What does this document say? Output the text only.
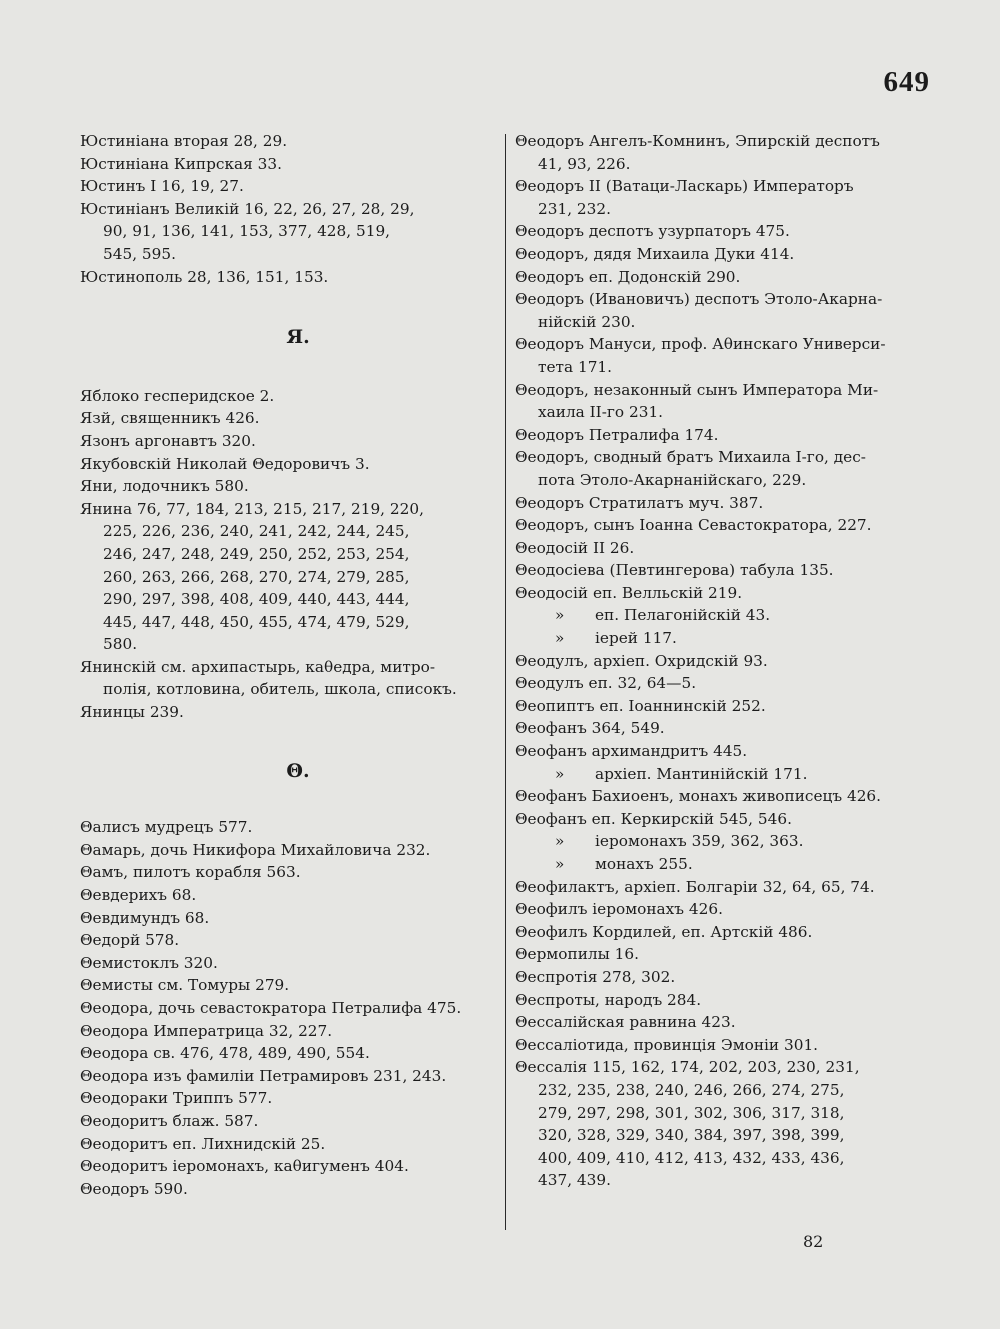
649
Юстиніана вторая 28, 29.
Юстиніана Кипрская 33.
Юстинъ I 16, 19, 27.
Юстиніанъ Великій 16, 22, 26, 27, 28, 29,
90, 91, 136, 141, 153, 377, 428, 519,
545, 595.
Юстинополь 28, 136, 151, 153.
Я.
Яблоко гесперидское 2.
Язй, священникъ 426.
Язонъ аргонавтъ 320.
Якубовскій Николай Θедоровичъ 3.
Яни, лодочникъ 580.
Янина 76, 77, 184, 213, 215, 217, 219, 220,
225, 226, 236, 240, 241, 242, 244, 245,
246, 247, 248, 249, 250, 252, 253, 254,
260, 263, 266, 268, 270, 274, 279, 285,
290, 297, 398, 408, 409, 440, 443, 444,
445, 447, 448, 450, 455, 474, 479, 529,
580.
Янинскій см. архипастырь, каθедра, митро-
полія, котловина, обитель, школа, списокъ.
Янинцы 239.
Θ.
Θалисъ мудрецъ 577.
Θамарь, дочь Никифора Михайловича 232.
Θамъ, пилотъ корабля 563.
Θевдерихъ 68.
Θевдимундъ 68.
Θедорй 578.
Θемистоклъ 320.
Θемисты см. Томуры 279.
Θеодора, дочь севастократора Петралифа 475.
Θеодора Императрица 32, 227.
Θеодора св. 476, 478, 489, 490, 554.
Θеодора изъ фамиліи Петрамировъ 231, 243.
Θеодораки Триппъ 577.
Θеодоритъ блаж. 587.
Θеодоритъ еп. Лихнидскій 25.
Θеодоритъ іеромонахъ, каθигуменъ 404.
Θеодоръ 590.
Θеодоръ Ангелъ-Комнинъ, Эпирскій деспотъ
41, 93, 226.
Θеодоръ II (Ватаци-Ласкарь) Императоръ
231, 232.
Θеодоръ деспотъ узурпаторъ 475.
Θеодоръ, дядя Михаила Дуки 414.
Θеодоръ еп. Додонскій 290.
Θеодоръ (Ивановичъ) деспотъ Этоло-Акарна-
нійскій 230.
Θеодоръ Мануси, проф. Аθинскаго Универси-
тета 171.
Θеодоръ, незаконный сынъ Императора Ми-
хаила II-го 231.
Θеодоръ Петралифа 174.
Θеодоръ, сводный братъ Михаила I-го, дес-
пота Этоло-Акарнанійскаго, 229.
Θеодоръ Стратилатъ муч. 387.
Θеодоръ, сынъ Іоанна Севастократора, 227.
Θеодосій II 26.
Θеодосіева (Певтингерова) табула 135.
Θеодосій еп. Велльскій 219.
» еп. Пелагонійскій 43.
» іерей 117.
Θеодулъ, архіеп. Охридскій 93.
Θеодулъ еп. 32, 64—5.
Θеопиптъ еп. Іоаннинскій 252.
Θеофанъ 364, 549.
Θеофанъ архимандритъ 445.
» архіеп. Мантинійскій 171.
Θеофанъ Бахиоенъ, монахъ живописецъ 426.
Θеофанъ еп. Керкирскій 545, 546.
» іеромонахъ 359, 362, 363.
» монахъ 255.
Θеофилактъ, архіеп. Болгаріи 32, 64, 65, 74.
Θеофилъ іеромонахъ 426.
Θеофилъ Кордилей, еп. Артскій 486.
Θермопилы 16.
Θеспротія 278, 302.
Θеспроты, народъ 284.
Θессалійская равнина 423.
Θессаліотида, провинція Эмоніи 301.
Θессалія 115, 162, 174, 202, 203, 230, 231,
232, 235, 238, 240, 246, 266, 274, 275,
279, 297, 298, 301, 302, 306, 317, 318,
320, 328, 329, 340, 384, 397, 398, 399,
400, 409, 410, 412, 413, 432, 433, 436,
437, 439.
82
